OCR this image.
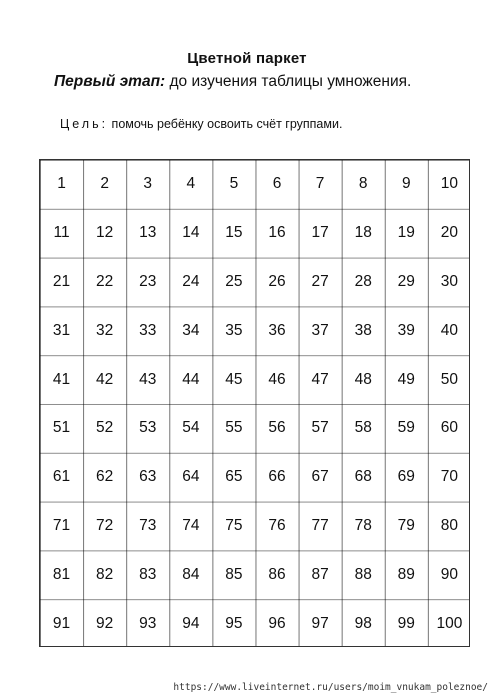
Цветной паркет
Первый этап: до изучения таблицы умножения.
Цель: помочь ребёнку освоить счёт группами.
1	2	3	4	5	6	7	8	9	10
11	12	13	14	15	16	17	18	19	20
21	22	23	24	25	26	27	28	29	30
31	32	33	34	35	36	37	38	39	40
41	42	43	44	45	46	47	48	49	50
51	52	53	54	55	56	57	58	59	60
61	62	63	64	65	66	67	68	69	70
71	72	73	74	75	76	77	78	79	80
81	82	83	84	85	86	87	88	89	90
91	92	93	94	95	96	97	98	99	100
https://www.liveinternet.ru/users/moim_vnukam_poleznoe/
